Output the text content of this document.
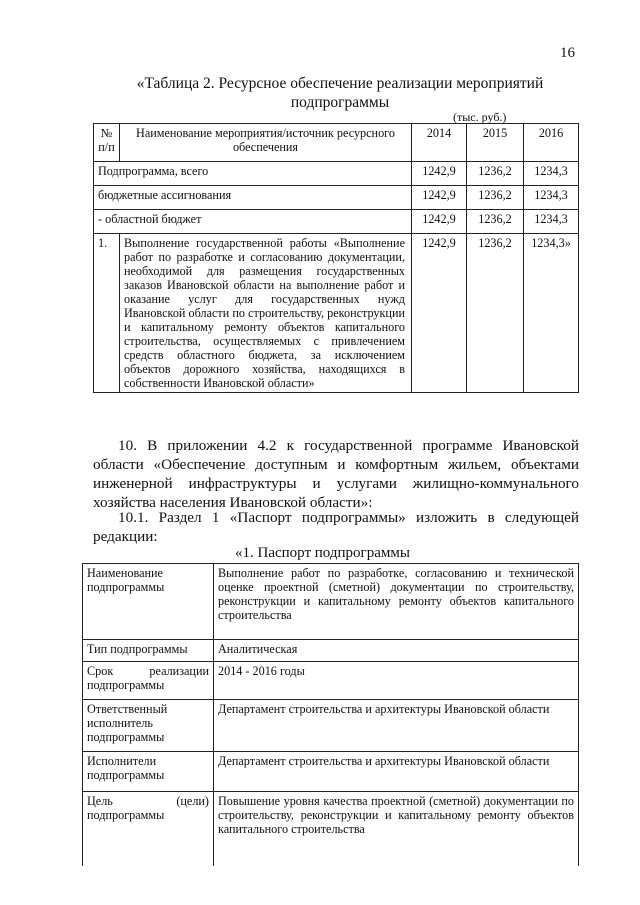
16
«Таблица 2. Ресурсное обеспечение реализации мероприятий подпрограммы
(тыс. руб.)
№ п/п	Наименование мероприятия/источник ресурсного обеспечения	2014	2015	2016
Подпрограмма, всего		1242,9	1236,2	1234,3
бюджетные ассигнования		1242,9	1236,2	1234,3
- областной бюджет		1242,9	1236,2	1234,3
1.	Выполнение государственной работы «Выполнение работ по разработке и согласованию документации, необходимой для размещения государственных заказов Ивановской области на выполнение работ и оказание услуг для государственных нужд Ивановской области по строительству, реконструкции и капитальному ремонту объектов капитального строительства, осуществляемых с привлечением средств областного бюджета, за исключением объектов дорожного хозяйства, находящихся в собственности Ивановской области»	1242,9	1236,2	1234,3»
10. В приложении 4.2 к государственной программе Ивановской области «Обеспечение доступным и комфортным жильем, объектами инженерной инфраструктуры и услугами жилищно-коммунального хозяйства населения Ивановской области»:
10.1. Раздел 1 «Паспорт подпрограммы» изложить в следующей редакции:
«1. Паспорт подпрограммы
Наименование подпрограммы	Выполнение работ по разработке, согласованию и технической оценке проектной (сметной) документации по строительству, реконструкции и капитальному ремонту объектов капитального строительства
Тип подпрограммы	Аналитическая
Срок реализации подпрограммы	2014 - 2016 годы
Ответственный исполнитель подпрограммы	Департамент строительства и архитектуры Ивановской области
Исполнители подпрограммы	Департамент строительства и архитектуры Ивановской области
Цель (цели) подпрограммы	Повышение уровня качества проектной (сметной) документации по строительству, реконструкции и капитальному ремонту объектов капитального строительства
